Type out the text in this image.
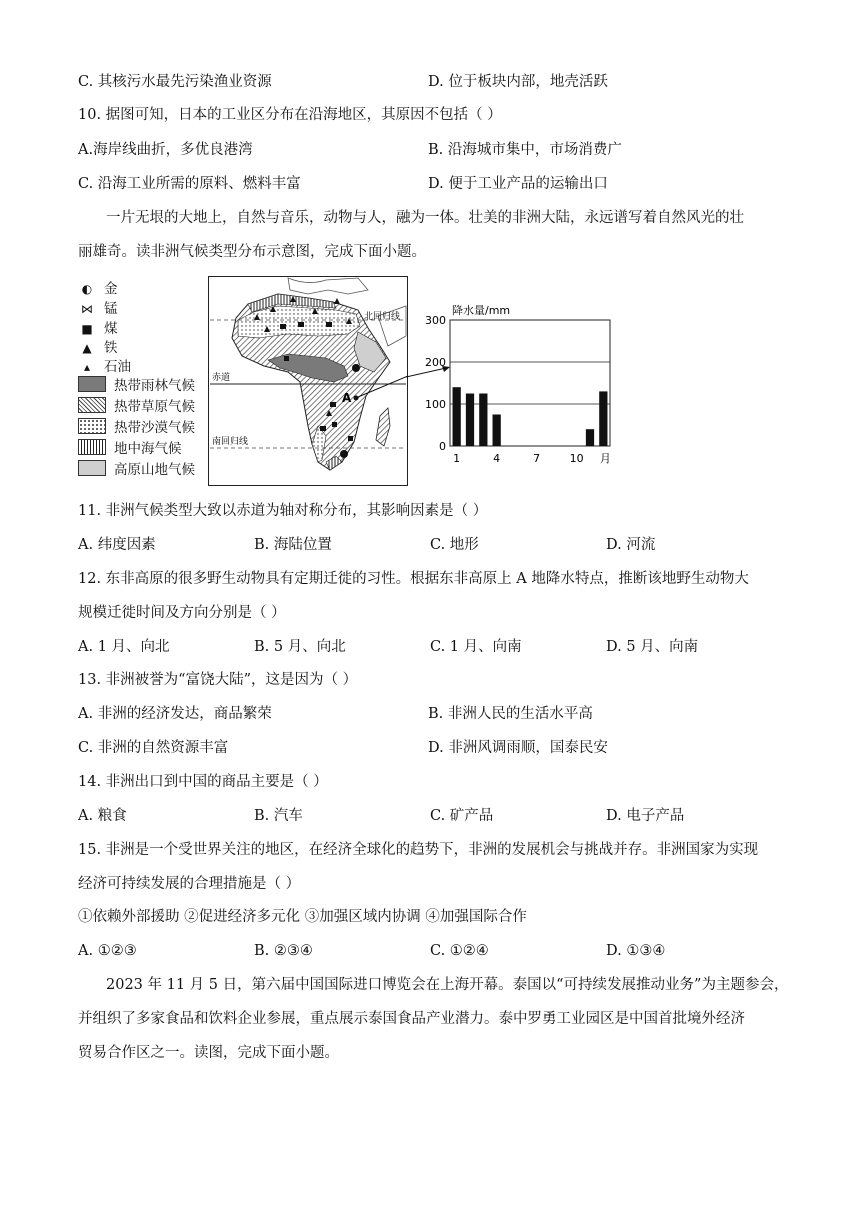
C. 其核污水最先污染渔业资源	D. 位于板块内部，地壳活跃
10. 据图可知，日本的工业区分布在沿海地区，其原因不包括（ ）
A.海岸线曲折，多优良港湾	B. 沿海城市集中，市场消费广
C. 沿海工业所需的原料、燃料丰富	D. 便于工业产品的运输出口
一片无垠的大地上，自然与音乐，动物与人，融为一体。壮美的非洲大陆，永远谱写着自然风光的壮
丽雄奇。读非洲气候类型分布示意图，完成下面小题。
◐ 金
⋈ 锰
■ 煤
▲ 铁
▴ 石油
热带雨林气候
热带草原气候
热带沙漠气候
地中海气候
高原山地气候
北回归线
赤道
南回归线
A
0
100
200
300
1	4	7	10 月
降水量/mm
11. 非洲气候类型大致以赤道为轴对称分布，其影响因素是（ ）
A. 纬度因素	B. 海陆位置	C. 地形	D. 河流
12. 东非高原的很多野生动物具有定期迁徙的习性。根据东非高原上 A 地降水特点，推断该地野生动物大
规模迁徙时间及方向分别是（ ）
A. 1 月、向北	B. 5 月、向北	C. 1 月、向南	D. 5 月、向南
13. 非洲被誉为“富饶大陆”，这是因为（ ）
A. 非洲的经济发达，商品繁荣	B. 非洲人民的生活水平高
C. 非洲的自然资源丰富	D. 非洲风调雨顺，国泰民安
14. 非洲出口到中国的商品主要是（ ）
A. 粮食	B. 汽车	C. 矿产品	D. 电子产品
15. 非洲是一个受世界关注的地区，在经济全球化的趋势下，非洲的发展机会与挑战并存。非洲国家为实现
经济可持续发展的合理措施是（ ）
①依赖外部援助 ②促进经济多元化 ③加强区域内协调 ④加强国际合作
A. ①②③	B. ②③④	C. ①②④	D. ①③④
2023 年 11 月 5 日，第六届中国国际进口博览会在上海开幕。泰国以“可持续发展推动业务”为主题参会，
并组织了多家食品和饮料企业参展，重点展示泰国食品产业潜力。泰中罗勇工业园区是中国首批境外经济
贸易合作区之一。读图，完成下面小题。
